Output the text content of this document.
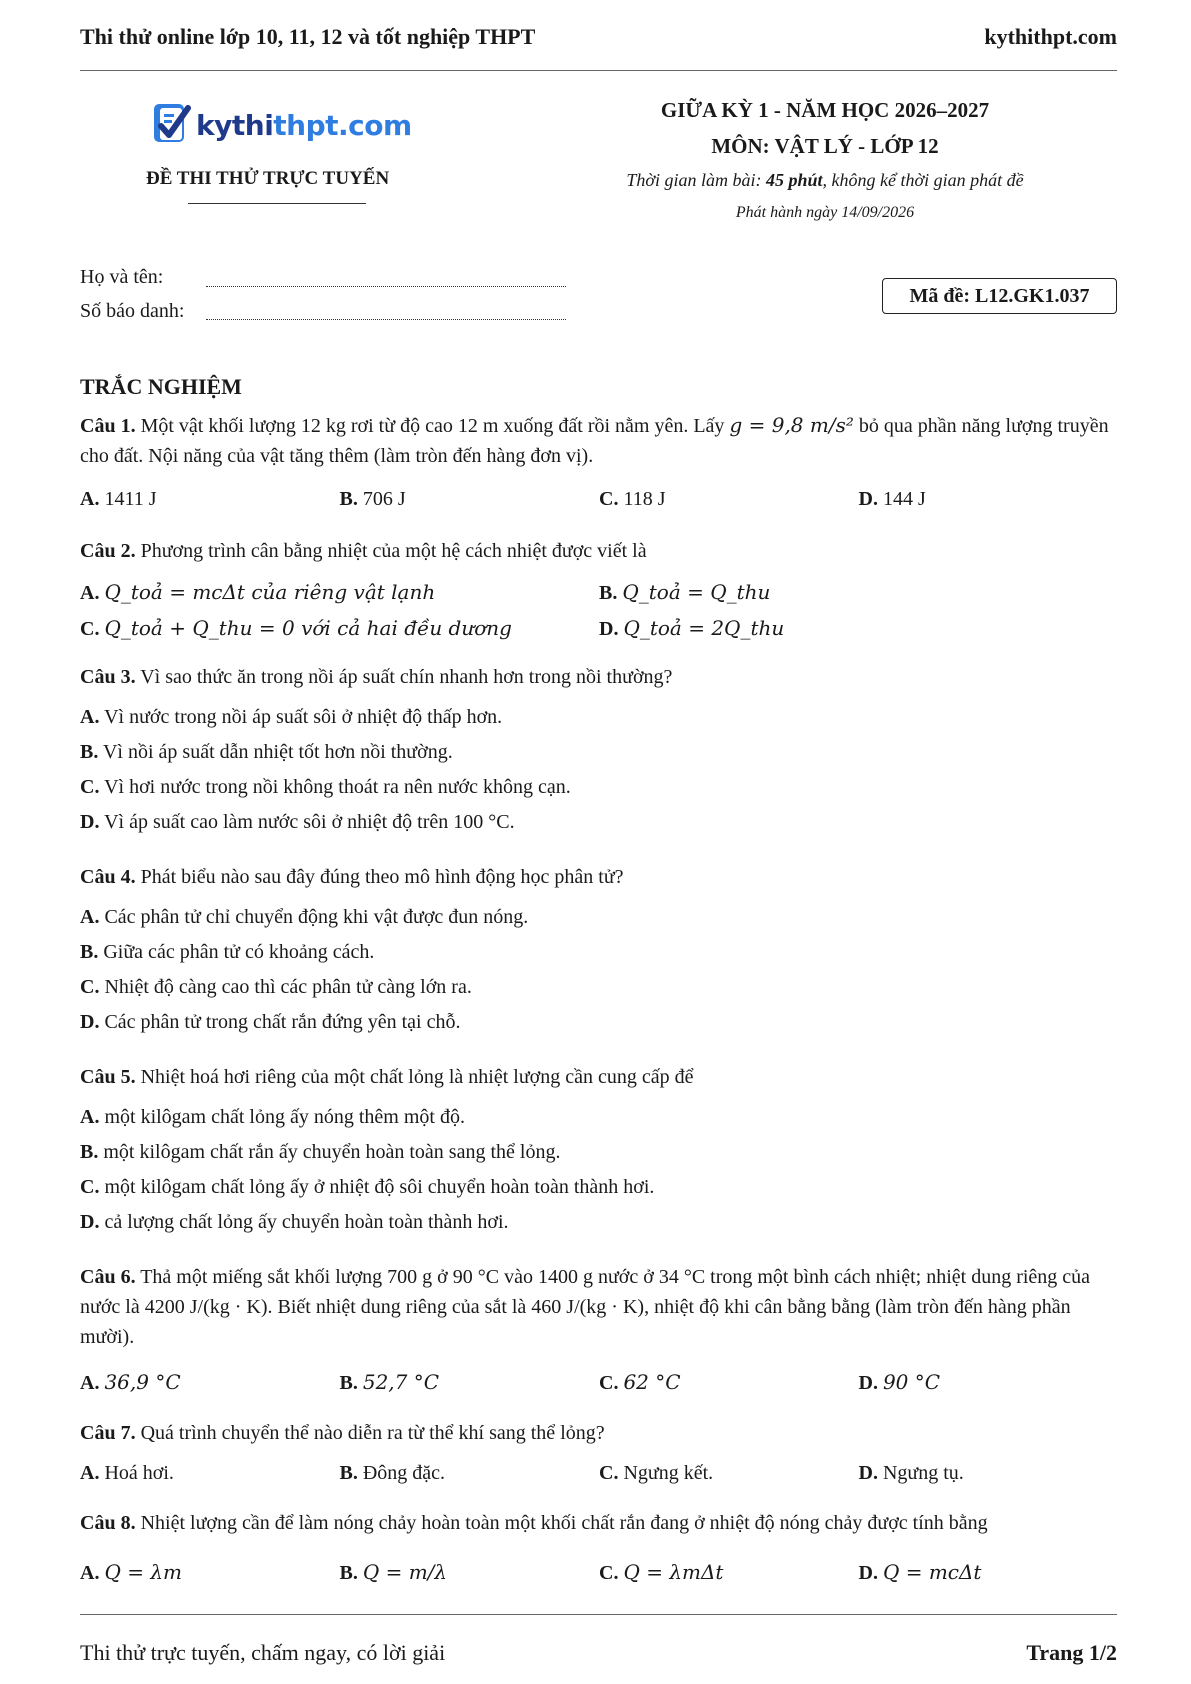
Thi thử online lớp 10, 11, 12 và tốt nghiệp THPT	kythithpt.com
kythithpt.com
ĐỀ THI THỬ TRỰC TUYẾN
GIỮA KỲ 1 - NĂM HỌC 2026–2027
MÔN: VẬT LÝ - LỚP 12
Thời gian làm bài: 45 phút, không kể thời gian phát đề
Phát hành ngày 14/09/2026
Họ và tên:
Số báo danh:
Mã đề: L12.GK1.037
TRẮC NGHIỆM
Câu 1. Một vật khối lượng 12 kg rơi từ độ cao 12 m xuống đất rồi nằm yên. Lấy g = 9,8 m/s² bỏ qua phần năng lượng truyền cho đất. Nội năng của vật tăng thêm (làm tròn đến hàng đơn vị).
A. 1411 J	B. 706 J	C. 118 J	D. 144 J
Câu 2. Phương trình cân bằng nhiệt của một hệ cách nhiệt được viết là
A. Q_toả = mcΔt của riêng vật lạnh	B. Q_toả = Q_thu
C. Q_toả + Q_thu = 0 với cả hai đều dương	D. Q_toả = 2Q_thu
Câu 3. Vì sao thức ăn trong nồi áp suất chín nhanh hơn trong nồi thường?
A. Vì nước trong nồi áp suất sôi ở nhiệt độ thấp hơn.
B. Vì nồi áp suất dẫn nhiệt tốt hơn nồi thường.
C. Vì hơi nước trong nồi không thoát ra nên nước không cạn.
D. Vì áp suất cao làm nước sôi ở nhiệt độ trên 100 °C.
Câu 4. Phát biểu nào sau đây đúng theo mô hình động học phân tử?
A. Các phân tử chỉ chuyển động khi vật được đun nóng.
B. Giữa các phân tử có khoảng cách.
C. Nhiệt độ càng cao thì các phân tử càng lớn ra.
D. Các phân tử trong chất rắn đứng yên tại chỗ.
Câu 5. Nhiệt hoá hơi riêng của một chất lỏng là nhiệt lượng cần cung cấp để
A. một kilôgam chất lỏng ấy nóng thêm một độ.
B. một kilôgam chất rắn ấy chuyển hoàn toàn sang thể lỏng.
C. một kilôgam chất lỏng ấy ở nhiệt độ sôi chuyển hoàn toàn thành hơi.
D. cả lượng chất lỏng ấy chuyển hoàn toàn thành hơi.
Câu 6. Thả một miếng sắt khối lượng 700 g ở 90 °C vào 1400 g nước ở 34 °C trong một bình cách nhiệt; nhiệt dung riêng của nước là 4200 J/(kg · K). Biết nhiệt dung riêng của sắt là 460 J/(kg · K), nhiệt độ khi cân bằng bằng (làm tròn đến hàng phần mười).
A. 36,9 °C	B. 52,7 °C	C. 62 °C	D. 90 °C
Câu 7. Quá trình chuyển thể nào diễn ra từ thể khí sang thể lỏng?
A. Hoá hơi.	B. Đông đặc.	C. Ngưng kết.	D. Ngưng tụ.
Câu 8. Nhiệt lượng cần để làm nóng chảy hoàn toàn một khối chất rắn đang ở nhiệt độ nóng chảy được tính bằng
A. Q = λm	B. Q = m/λ	C. Q = λmΔt	D. Q = mcΔt
Thi thử trực tuyến, chấm ngay, có lời giải	Trang 1/2
